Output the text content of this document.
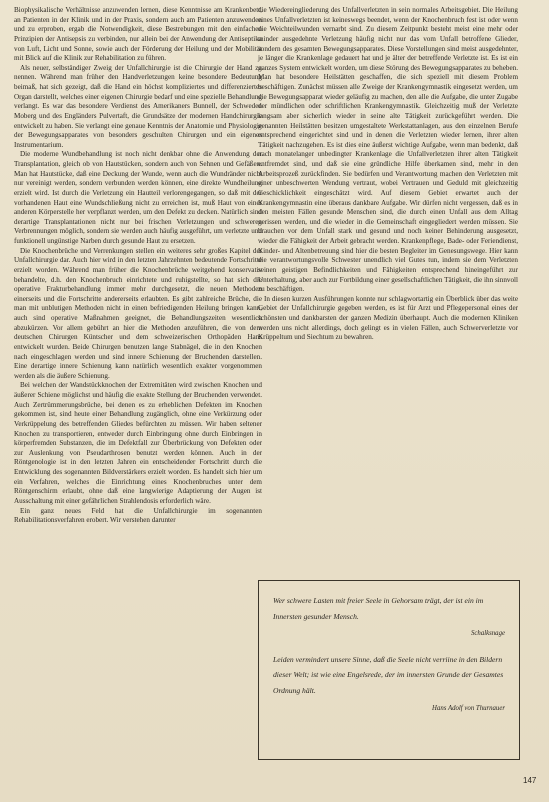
Biophysikalische Verhältnisse anzuwenden lernen, diese Kenntnisse am Krankenbett, an Patienten in der Klinik und in der Praxis, sondern auch am Patienten anzuwenden und zu erproben, ergab die Notwendigkeit, diese Bestrebungen mit den einfachen Prinzipien der Antisepsis zu verbinden, nur allein bei der Anwendung der Antiseptika von Luft, Licht und Sonne, sowie auch der Förderung der Heilung und der Mobilität mit Blick auf die Klinik zur Rehabilitation zu führen.

Als neuer, selbständiger Zweig der Unfallchirurgie ist die Chirurgie der Hand zu nennen. Während man früher den Handverletzungen keine besondere Bedeutung beimaß, hat sich gezeigt, daß die Hand ein höchst kompliziertes und differenziertes Organ darstellt, welches einer eigenen Chirurgie bedarf und eine spezielle Behandlung verlangt. Es war das besondere Verdienst des Amerikaners Bunnell, der Schweden Moberg und des Engländers Pulvertaft, die Grundsätze der modernen Handchirurgie entwickelt zu haben. Sie verlangt eine genaue Kenntnis der Anatomie und Physiologie der Bewegungsapparates von besonders geschulten Chirurgen und ein eigenes Instrumentarium.

Die moderne Wundbehandlung ist noch nicht denkbar ohne die Anwendung der Transplantation, gleich ob von Hautstücken, sondern auch von Sehnen und Gefäßen. Man hat Hautstücke, daß eine Deckung der Wunde, wenn auch die Wundränder nicht nur vereinigt werden, sondern verbunden werden können, eine direkte Wundheilung erzielt wird. Ist durch die Verletzung ein Hautteil verlorengegangen, so daß mit der vorhandenen Haut eine Wundschließung nicht zu erreichen ist, muß Haut von einer anderen Körperstelle her verpflanzt werden, um den Defekt zu decken. Natürlich sind derartige Transplantationen nicht nur bei frischen Verletzungen und schweren Verbrennungen möglich, sondern sie werden auch häufig ausgeführt, um verletzte und funktionell ungünstige Narben durch gesunde Haut zu ersetzen.

Die Knochenbrüche und Verrenkungen stellen ein weiteres sehr großes Kapitel der Unfallchirurgie dar. Auch hier wird in den letzten Jahrzehnten bedeutende Fortschritte erzielt worden. Während man früher die Knochenbrüche weitgehend konservativ behandelte, d.h. den Knochenbruch einrichtete und ruhigstellte, so hat sich die operative Frakturbehandlung immer mehr durchgesetzt, die neuen Methoden einerseits und die Fortschritte andererseits erlaubten. Es gibt zahlreiche Brüche, die man mit unblutigen Methoden nicht in einen befriedigenden Heilung bringen kann, auch sind operative Maßnahmen geeignet, die Behandlungszeiten wesentlich abzukürzen. Vor allem gebührt an hier die Methoden anzuführen, die von dem deutschen Chirurgen Küntscher und dem schweizerischen Orthopäden Hans entwickelt wurden. Beide Chirurgen benutzen lange Stabnägel, die in den Knochen nach eingeschlagen werden und sind innere Schienung der Bruchenden darstellen. Eine derartige innere Schienung kann natürlich wesentlich exakter vorgenommen werden als die äußere Schienung.

Bei welchen der Wandstückknochen der Extremitäten wird zwischen Knochen und äußerer Schiene möglichst und häufig die exakte Stellung der Bruchenden verwendet. Auch Zertrümmerungsbrüche, bei denen es zu erheblichen Defekten im Knochen gekommen ist, sind heute einer Behandlung zugänglich, ohne eine Verkürzung oder Verkrüppelung des betreffenden Gliedes befürchten zu müssen. Wir haben seltener Knochen zu transportieren, entweder durch Einbringung ohne durch Einbringen in körperfremden Substanzen, die im Defektfall zur Überbrückung von Defekten oder zur Auslenkung von Pseudarthrosen benutzt werden können. Auch in der Röntgenologie ist in den letzten Jahren ein entscheidender Fortschritt durch die Entwicklung des sogenannten Bildverstärkers erzielt worden. Es handelt sich hier um ein Verfahren, welches die Einrichtung eines Knochenbruches unter dem Röntgenschirm erlaubt, ohne daß eine langwierige Adaptierung der Augen ist Ausschaltung mit einer gefährlichen Strahlendosis erforderlich wäre.

Ein ganz neues Feld hat die Unfallchirurgie im sogenannten Rehabilitationsverfahren erobert. Wir verstehen darunter

die Wiedereingliederung des Unfallverletzten in sein normales Arbeitsgebiet. Die Heilung eines Unfallverletzten ist keineswegs beendet, wenn der Knochenbruch fest ist oder wenn die Weichteilwunden vernarbt sind. Zu diesem Zeitpunkt besteht meist eine mehr oder minder ausgedehnte Verletzung häufig nicht nur das vom Unfall betroffene Glieder, sondern des gesamten Bewegungsapparates. Diese Vorstellungen sind meist ausgedehnter, je länger die Krankenlage gedauert hat und je älter der betreffende Verletzte ist. Es ist ein ganzes System entwickelt worden, um diese Störung des Bewegungsapparates zu beheben. Man hat besondere Heilstätten geschaffen, die sich speziell mit diesem Problem beschäftigen. Zunächst müssen alle Zweige der Krankengymnastik eingesetzt werden, um die Bewegungsapparat wieder geläufig zu machen, den alle die Aufgabe, die unter Zugabe der mündlichen oder schriftlichen Krankengymnastik. Gleichzeitig muß der Verletzte langsam aber sicherlich wieder in seine alte Tätigkeit zurückgeführt werden. Die genannten Heilstätten besitzen umgestaltete Werkstattanlagen, aus den einzelnen Berufe entsprechend eingerichtet sind und in denen die Verletzten wieder lernen, ihrer alten Tätigkeit nachzugehen. Es ist dies eine äußerst wichtige Aufgabe, wenn man bedenkt, daß nach monatelanger unbedingter Krankenlage die Unfallverletzten ihrer alten Tätigkeit entfremdet sind, und daß sie eine gründliche Hilfe überkamen sind, mehr in den Arbeitsprozeß zurückfinden. Sie bedürfen und Verantwortung machen den Verletzten mit einer unbeschwerten Wendung vertraut, wobei Vertrauen und Geduld mit gleichzeitig Geschicklichkeit eingeschätzt wird. Auf diesem Gebiet erwartet auch der Krankengymnastin eine überaus dankbare Aufgabe. Wir dürfen nicht vergessen, daß es in den meisten Fällen gesunde Menschen sind, die durch einen Unfall aus dem Alltag gerissen werden, und die wieder in die Gemeinschaft eingegliedert werden müssen. Sie brauchen vor dem Unfall stark und gesund und noch keiner Behinderung ausgesetzt, wieder die Fähigkeit der Arbeit gebracht werden. Krankenpflege, Bade- oder Feriendienst, Kinder- und Altenbetreuung sind hier die besten Begleiter im Genesungswege. Hier kann die verantwortungsvolle Schwester unendlich viel Gutes tun, indem sie dem Verletzten seinen geistigen Befindlichkeiten und Fähigkeiten entsprechend hineingeführt zur Unterhaltung, aber auch zur Fortbildung einer gesellschaftlichen Tätigkeit, die ihn sinnvoll zu beschäftigen.

In diesen kurzen Ausführungen konnte nur schlagwortartig ein Überblick über das weite Gebiet der Unfallchirurgie gegeben werden, es ist für Arzt und Pflegepersonal eines der schönsten und dankbarsten der ganzen Medizin überhaupt. Auch die modernen Kliniken werden uns nicht allerdings, doch gelingt es in vielen Fällen, auch Schwerverletzte vor Krüppeltum und Siechtum zu bewahren.

Wer schwere Lasten mit freier Seele in Gehorsam trägt, der ist ein im Innersten gesunder Mensch.

Schalksnage

Leiden vermindert unsere Sinne, daß die Seele nicht verriine in den Bildern dieser Welt; ist wie eine Engelsrede, der im innersten Grunde der Gesamtes Ordnung hält.

Hans Adolf von Thurnauer
147
